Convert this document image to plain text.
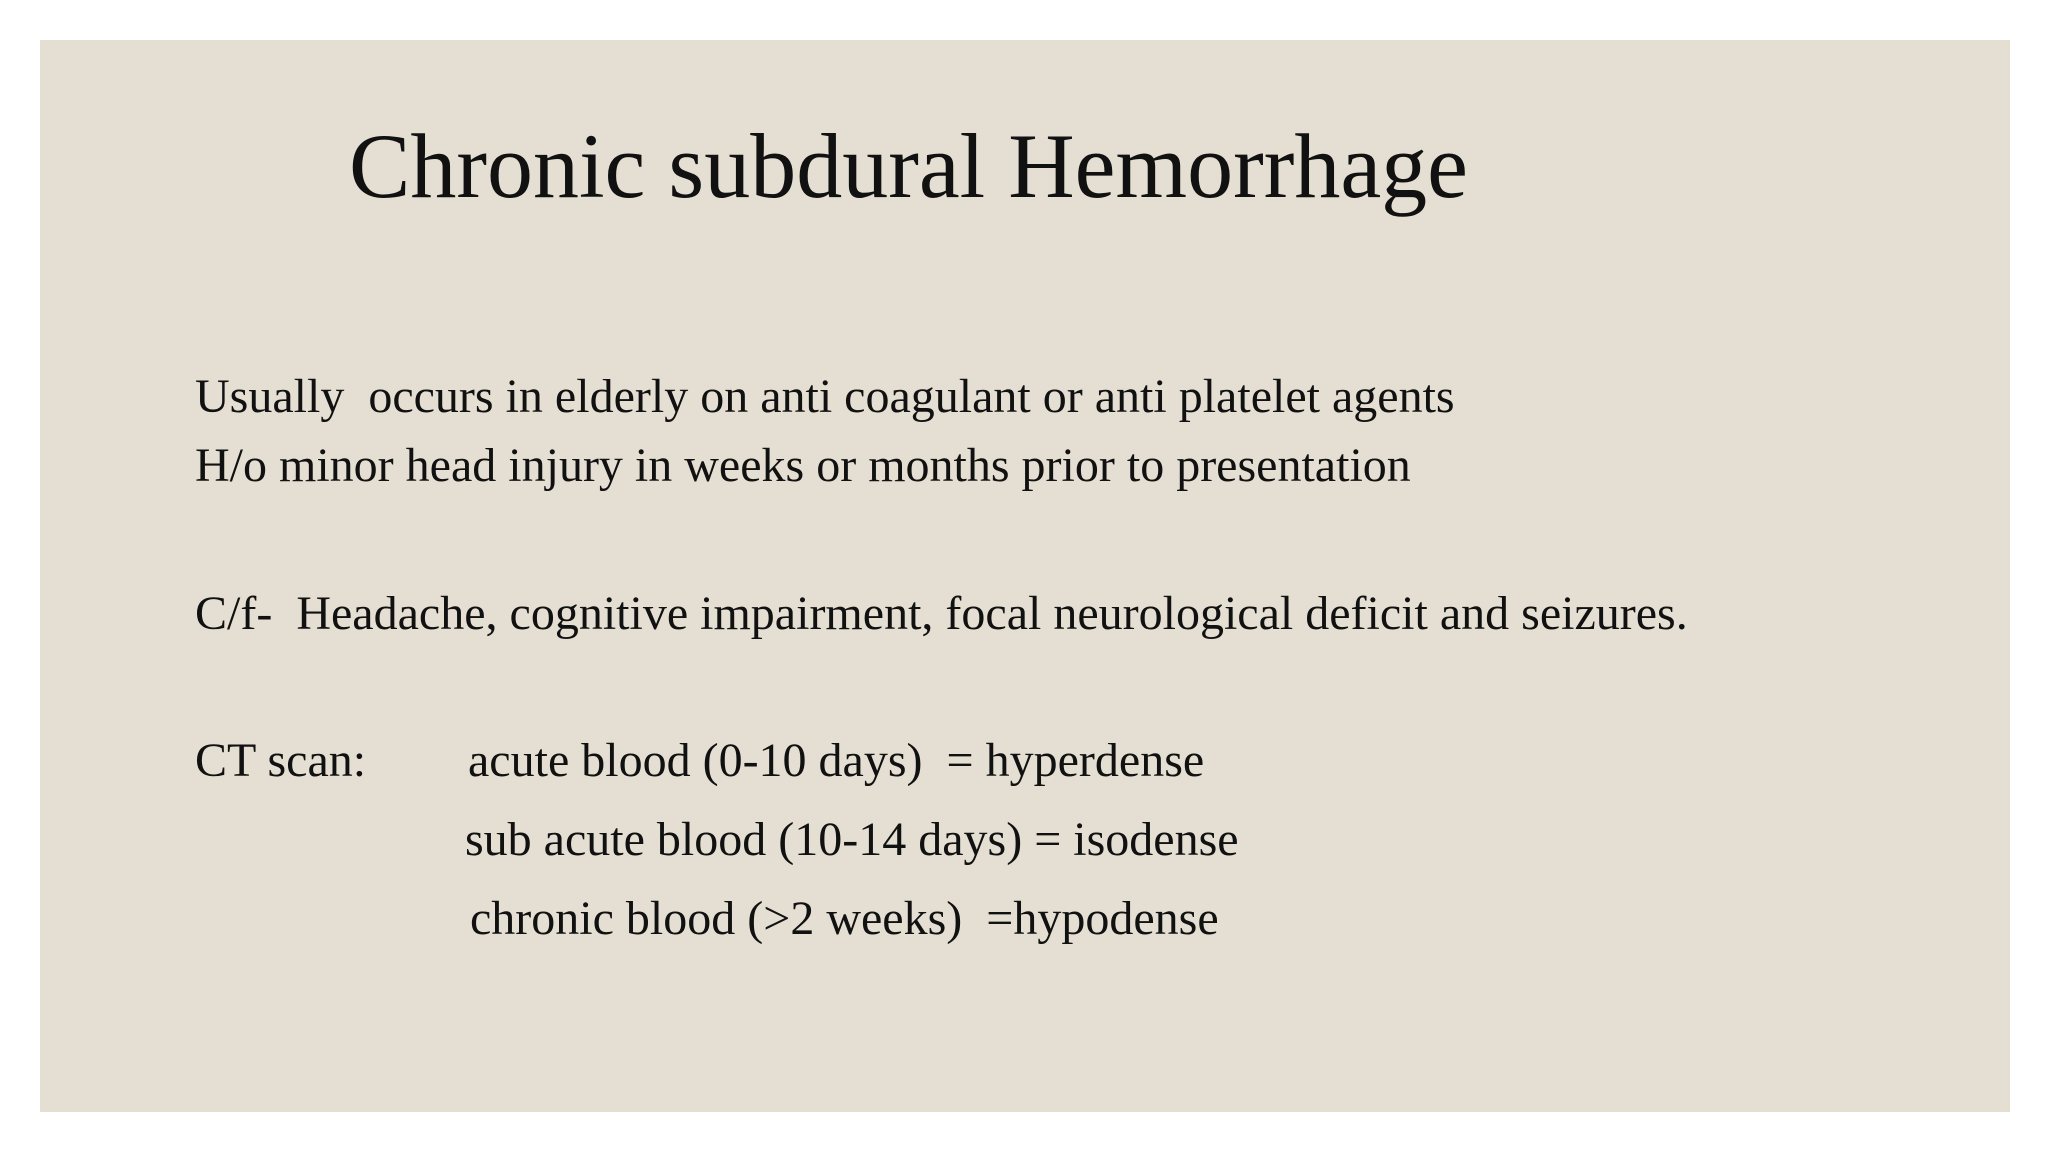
Chronic subdural Hemorrhage
Usually  occurs in elderly on anti coagulant or anti platelet agents
H/o minor head injury in weeks or months prior to presentation
C/f-  Headache, cognitive impairment, focal neurological deficit and seizures.
CT scan: acute blood (0-10 days)  = hyperdense
sub acute blood (10-14 days) = isodense
chronic blood (>2 weeks)  =hypodense
